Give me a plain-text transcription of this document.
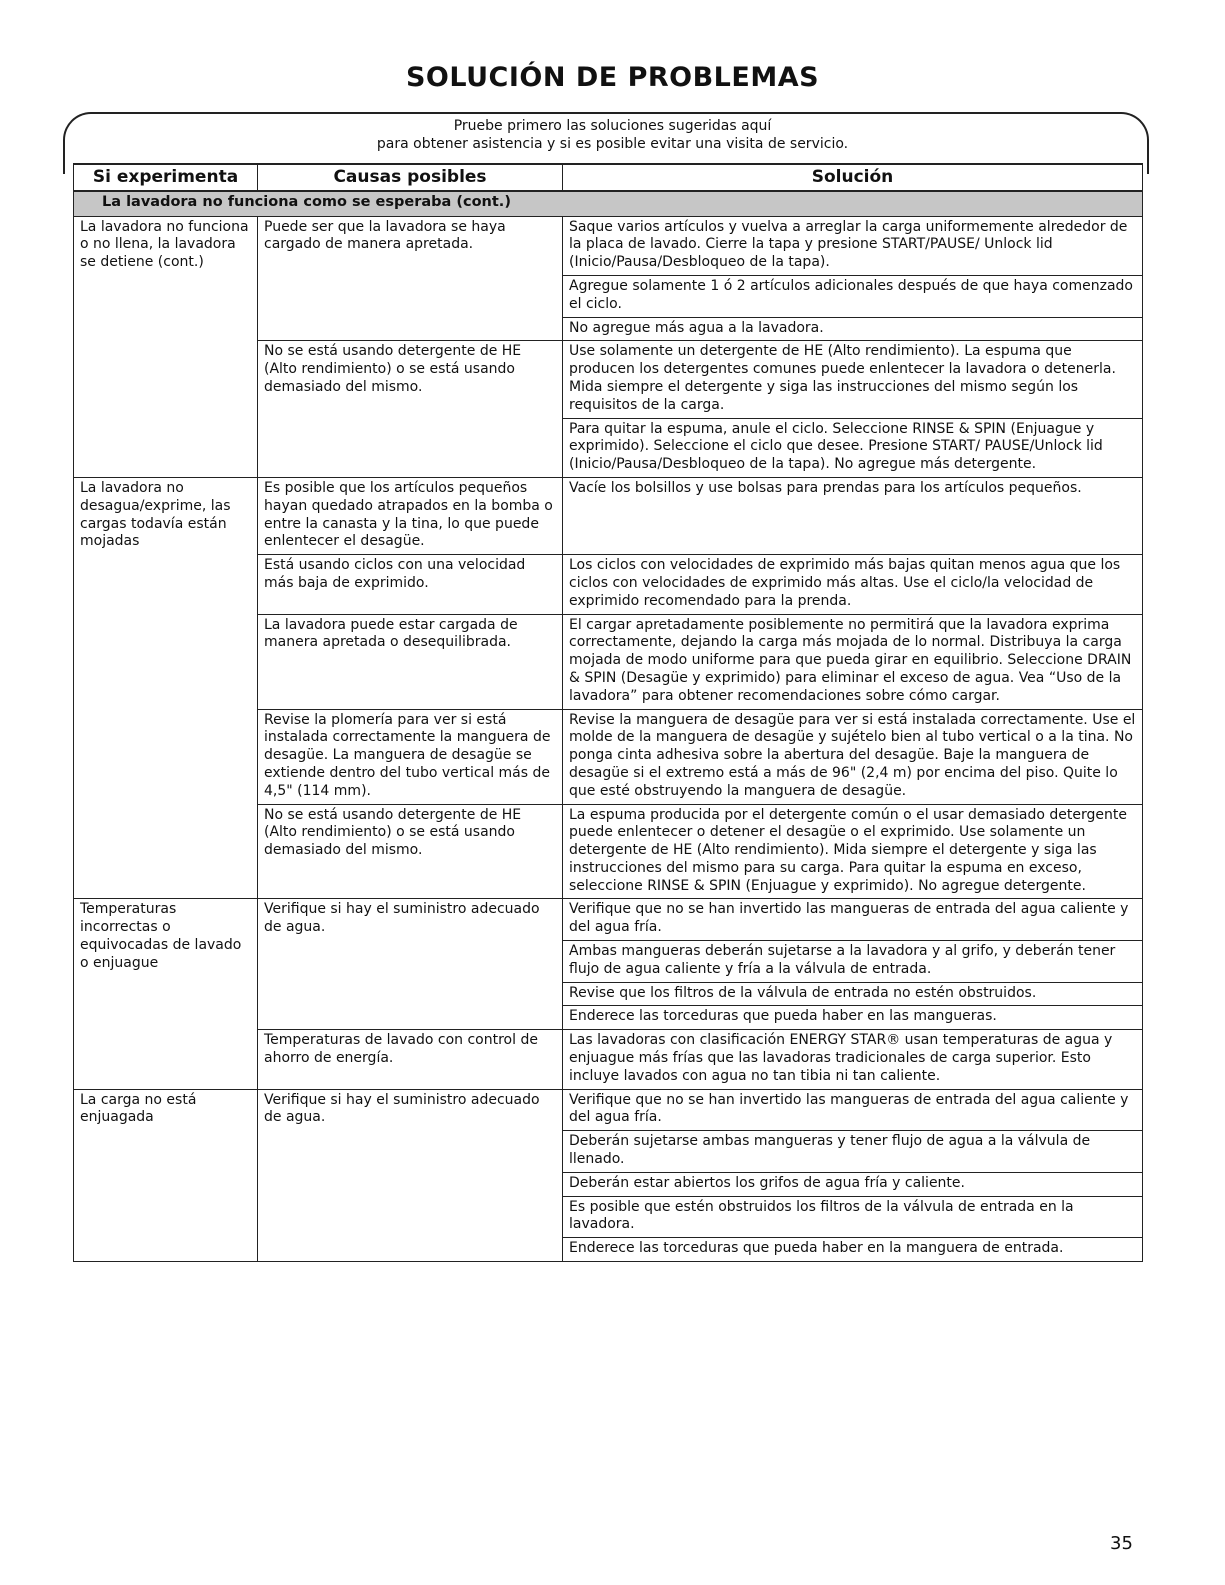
SOLUCIÓN DE PROBLEMAS
Pruebe primero las soluciones sugeridas aquí
para obtener asistencia y si es posible evitar una visita de servicio.
Si experimenta	Causas posibles	Solución
La lavadora no funciona como se esperaba (cont.)		
La lavadora no funciona o no llena, la lavadora se detiene (cont.)	Puede ser que la lavadora se haya cargado de manera apretada.	Saque varios artículos y vuelva a arreglar la carga uniformemente alrededor de la placa de lavado. Cierre la tapa y presione START/PAUSE/ Unlock lid (Inicio/Pausa/Desbloqueo de la tapa).
		Agregue solamente 1 ó 2 artículos adicionales después de que haya comenzado el ciclo.
		No agregue más agua a la lavadora.
	No se está usando detergente de HE (Alto rendimiento) o se está usando demasiado del mismo.	Use solamente un detergente de HE (Alto rendimiento). La espuma que producen los detergentes comunes puede enlentecer la lavadora o detenerla. Mida siempre el detergente y siga las instrucciones del mismo según los requisitos de la carga.
		Para quitar la espuma, anule el ciclo. Seleccione RINSE & SPIN (Enjuague y exprimido). Seleccione el ciclo que desee. Presione START/ PAUSE/Unlock lid (Inicio/Pausa/Desbloqueo de la tapa). No agregue más detergente.
La lavadora no desagua/exprime, las cargas todavía están mojadas	Es posible que los artículos pequeños hayan quedado atrapados en la bomba o entre la canasta y la tina, lo que puede enlentecer el desagüe.	Vacíe los bolsillos y use bolsas para prendas para los artículos pequeños.
	Está usando ciclos con una velocidad más baja de exprimido.	Los ciclos con velocidades de exprimido más bajas quitan menos agua que los ciclos con velocidades de exprimido más altas. Use el ciclo/la velocidad de exprimido recomendado para la prenda.
	La lavadora puede estar cargada de manera apretada o desequilibrada.	El cargar apretadamente posiblemente no permitirá que la lavadora exprima correctamente, dejando la carga más mojada de lo normal. Distribuya la carga mojada de modo uniforme para que pueda girar en equilibrio. Seleccione DRAIN & SPIN (Desagüe y exprimido) para eliminar el exceso de agua. Vea “Uso de la lavadora” para obtener recomendaciones sobre cómo cargar.
	Revise la plomería para ver si está instalada correctamente la manguera de desagüe. La manguera de desagüe se extiende dentro del tubo vertical más de 4,5" (114 mm).	Revise la manguera de desagüe para ver si está instalada correctamente. Use el molde de la manguera de desagüe y sujételo bien al tubo vertical o a la tina. No ponga cinta adhesiva sobre la abertura del desagüe. Baje la manguera de desagüe si el extremo está a más de 96" (2,4 m) por encima del piso. Quite lo que esté obstruyendo la manguera de desagüe.
	No se está usando detergente de HE (Alto rendimiento) o se está usando demasiado del mismo.	La espuma producida por el detergente común o el usar demasiado detergente puede enlentecer o detener el desagüe o el exprimido. Use solamente un detergente de HE (Alto rendimiento). Mida siempre el detergente y siga las instrucciones del mismo para su carga. Para quitar la espuma en exceso, seleccione RINSE & SPIN (Enjuague y exprimido). No agregue detergente.
Temperaturas incorrectas o equivocadas de lavado o enjuague	Verifique si hay el suministro adecuado de agua.	Verifique que no se han invertido las mangueras de entrada del agua caliente y del agua fría.
		Ambas mangueras deberán sujetarse a la lavadora y al grifo, y deberán tener flujo de agua caliente y fría a la válvula de entrada.
		Revise que los filtros de la válvula de entrada no estén obstruidos.
		Enderece las torceduras que pueda haber en las mangueras.
	Temperaturas de lavado con control de ahorro de energía.	Las lavadoras con clasificación ENERGY STAR® usan temperaturas de agua y enjuague más frías que las lavadoras tradicionales de carga superior. Esto incluye lavados con agua no tan tibia ni tan caliente.
La carga no está enjuagada	Verifique si hay el suministro adecuado de agua.	Verifique que no se han invertido las mangueras de entrada del agua caliente y del agua fría.
		Deberán sujetarse ambas mangueras y tener flujo de agua a la válvula de llenado.
		Deberán estar abiertos los grifos de agua fría y caliente.
		Es posible que estén obstruidos los filtros de la válvula de entrada en la lavadora.
		Enderece las torceduras que pueda haber en la manguera de entrada.
35
